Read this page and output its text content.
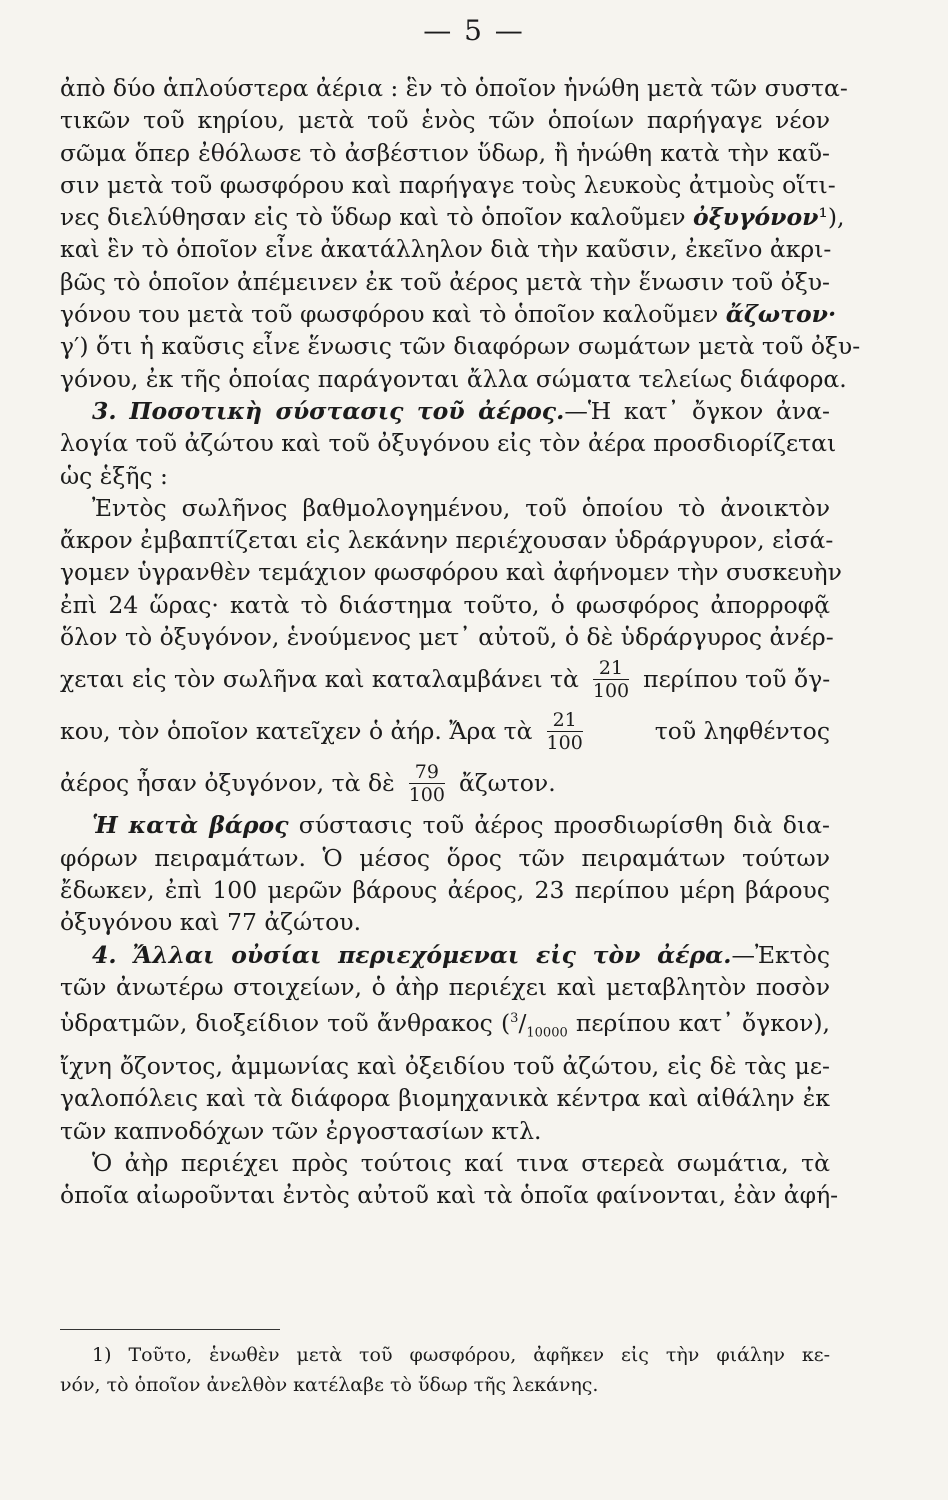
— 5 —
ἀπὸ δύο ἁπλούστερα ἀέρια : ἓν τὸ ὁποῖον ἡνώθη μετὰ τῶν συστα-
τικῶν τοῦ κηρίου, μετὰ τοῦ ἑνὸς τῶν ὁποίων παρήγαγε νέον
σῶμα ὅπερ ἐθόλωσε τὸ ἀσβέστιον ὕδωρ, ἢ ἡνώθη κατὰ τὴν καῦ-
σιν μετὰ τοῦ φωσφόρου καὶ παρήγαγε τοὺς λευκοὺς ἀτμοὺς οἵτι-
νες διελύθησαν εἰς τὸ ὕδωρ καὶ τὸ ὁποῖον καλοῦμεν ὀξυγόνον¹),
καὶ ἓν τὸ ὁποῖον εἶνε ἀκατάλληλον διὰ τὴν καῦσιν, ἐκεῖνο ἀκρι-
βῶς τὸ ὁποῖον ἀπέμεινεν ἐκ τοῦ ἀέρος μετὰ τὴν ἕνωσιν τοῦ ὀξυ-
γόνου του μετὰ τοῦ φωσφόρου καὶ τὸ ὁποῖον καλοῦμεν ἄζωτον·
γ′) ὅτι ἡ καῦσις εἶνε ἕνωσις τῶν διαφόρων σωμάτων μετὰ τοῦ ὀξυ-
γόνου, ἐκ τῆς ὁποίας παράγονται ἄλλα σώματα τελείως διάφορα.
3. Ποσοτικὴ σύστασις τοῦ ἀέρος.—Ἡ κατ᾽ ὄγκον ἀνα-
λογία τοῦ ἀζώτου καὶ τοῦ ὀξυγόνου εἰς τὸν ἀέρα προσδιορίζεται
ὡς ἑξῆς :
Ἐντὸς σωλῆνος βαθμολογημένου, τοῦ ὁποίου τὸ ἀνοικτὸν
ἄκρον ἐμβαπτίζεται εἰς λεκάνην περιέχουσαν ὑδράργυρον, εἰσά-
γομεν ὑγρανθὲν τεμάχιον φωσφόρου καὶ ἀφήνομεν τὴν συσκευὴν
ἐπὶ 24 ὥρας· κατὰ τὸ διάστημα τοῦτο, ὁ φωσφόρος ἀπορροφᾷ
ὅλον τὸ ὀξυγόνον, ἑνούμενος μετ᾽ αὐτοῦ, ὁ δὲ ὑδράργυρος ἀνέρ-
χεται εἰς τὸν σωλῆνα καὶ καταλαμβάνει τὰ $\frac{21}{100}$ περίπου τοῦ ὄγ-
κου, τὸν ὁποῖον κατεῖχεν ὁ ἀήρ. Ἄρα τὰ $\frac{21}{100}$	τοῦ ληφθέντος
ἀέρος ἦσαν ὀξυγόνον, τὰ δὲ $\frac{79}{100}$ ἄζωτον.
Ἡ κατὰ βάρος σύστασις τοῦ ἀέρος προσδιωρίσθη διὰ δια-
φόρων πειραμάτων. Ὁ μέσος ὅρος τῶν πειραμάτων τούτων
ἔδωκεν, ἐπὶ 100 μερῶν βάρους ἀέρος, 23 περίπου μέρη βάρους
ὀξυγόνου καὶ 77 ἀζώτου.
4. Ἄλλαι οὐσίαι περιεχόμεναι εἰς τὸν ἀέρα.—Ἐκτὸς
τῶν ἀνωτέρω στοιχείων, ὁ ἀὴρ περιέχει καὶ μεταβλητὸν ποσὸν
ὑδρατμῶν, διοξείδιον τοῦ ἄνθρακος ($^3/_{10000}$ περίπου κατ᾽ ὄγκον),
ἴχνη ὄζοντος, ἀμμωνίας καὶ ὀξειδίου τοῦ ἀζώτου, εἰς δὲ τὰς με-
γαλοπόλεις καὶ τὰ διάφορα βιομηχανικὰ κέντρα καὶ αἰθάλην ἐκ
τῶν καπνοδόχων τῶν ἐργοστασίων κτλ.
Ὁ ἀὴρ περιέχει πρὸς τούτοις καί τινα στερεὰ σωμάτια, τὰ
ὁποῖα αἰωροῦνται ἐντὸς αὐτοῦ καὶ τὰ ὁποῖα φαίνονται, ἐὰν ἀφή-
1) Τοῦτο, ἑνωθὲν μετὰ τοῦ φωσφόρου, ἀφῆκεν εἰς τὴν φιάλην κε-
νόν, τὸ ὁποῖον ἀνελθὸν κατέλαβε τὸ ὕδωρ τῆς λεκάνης.
